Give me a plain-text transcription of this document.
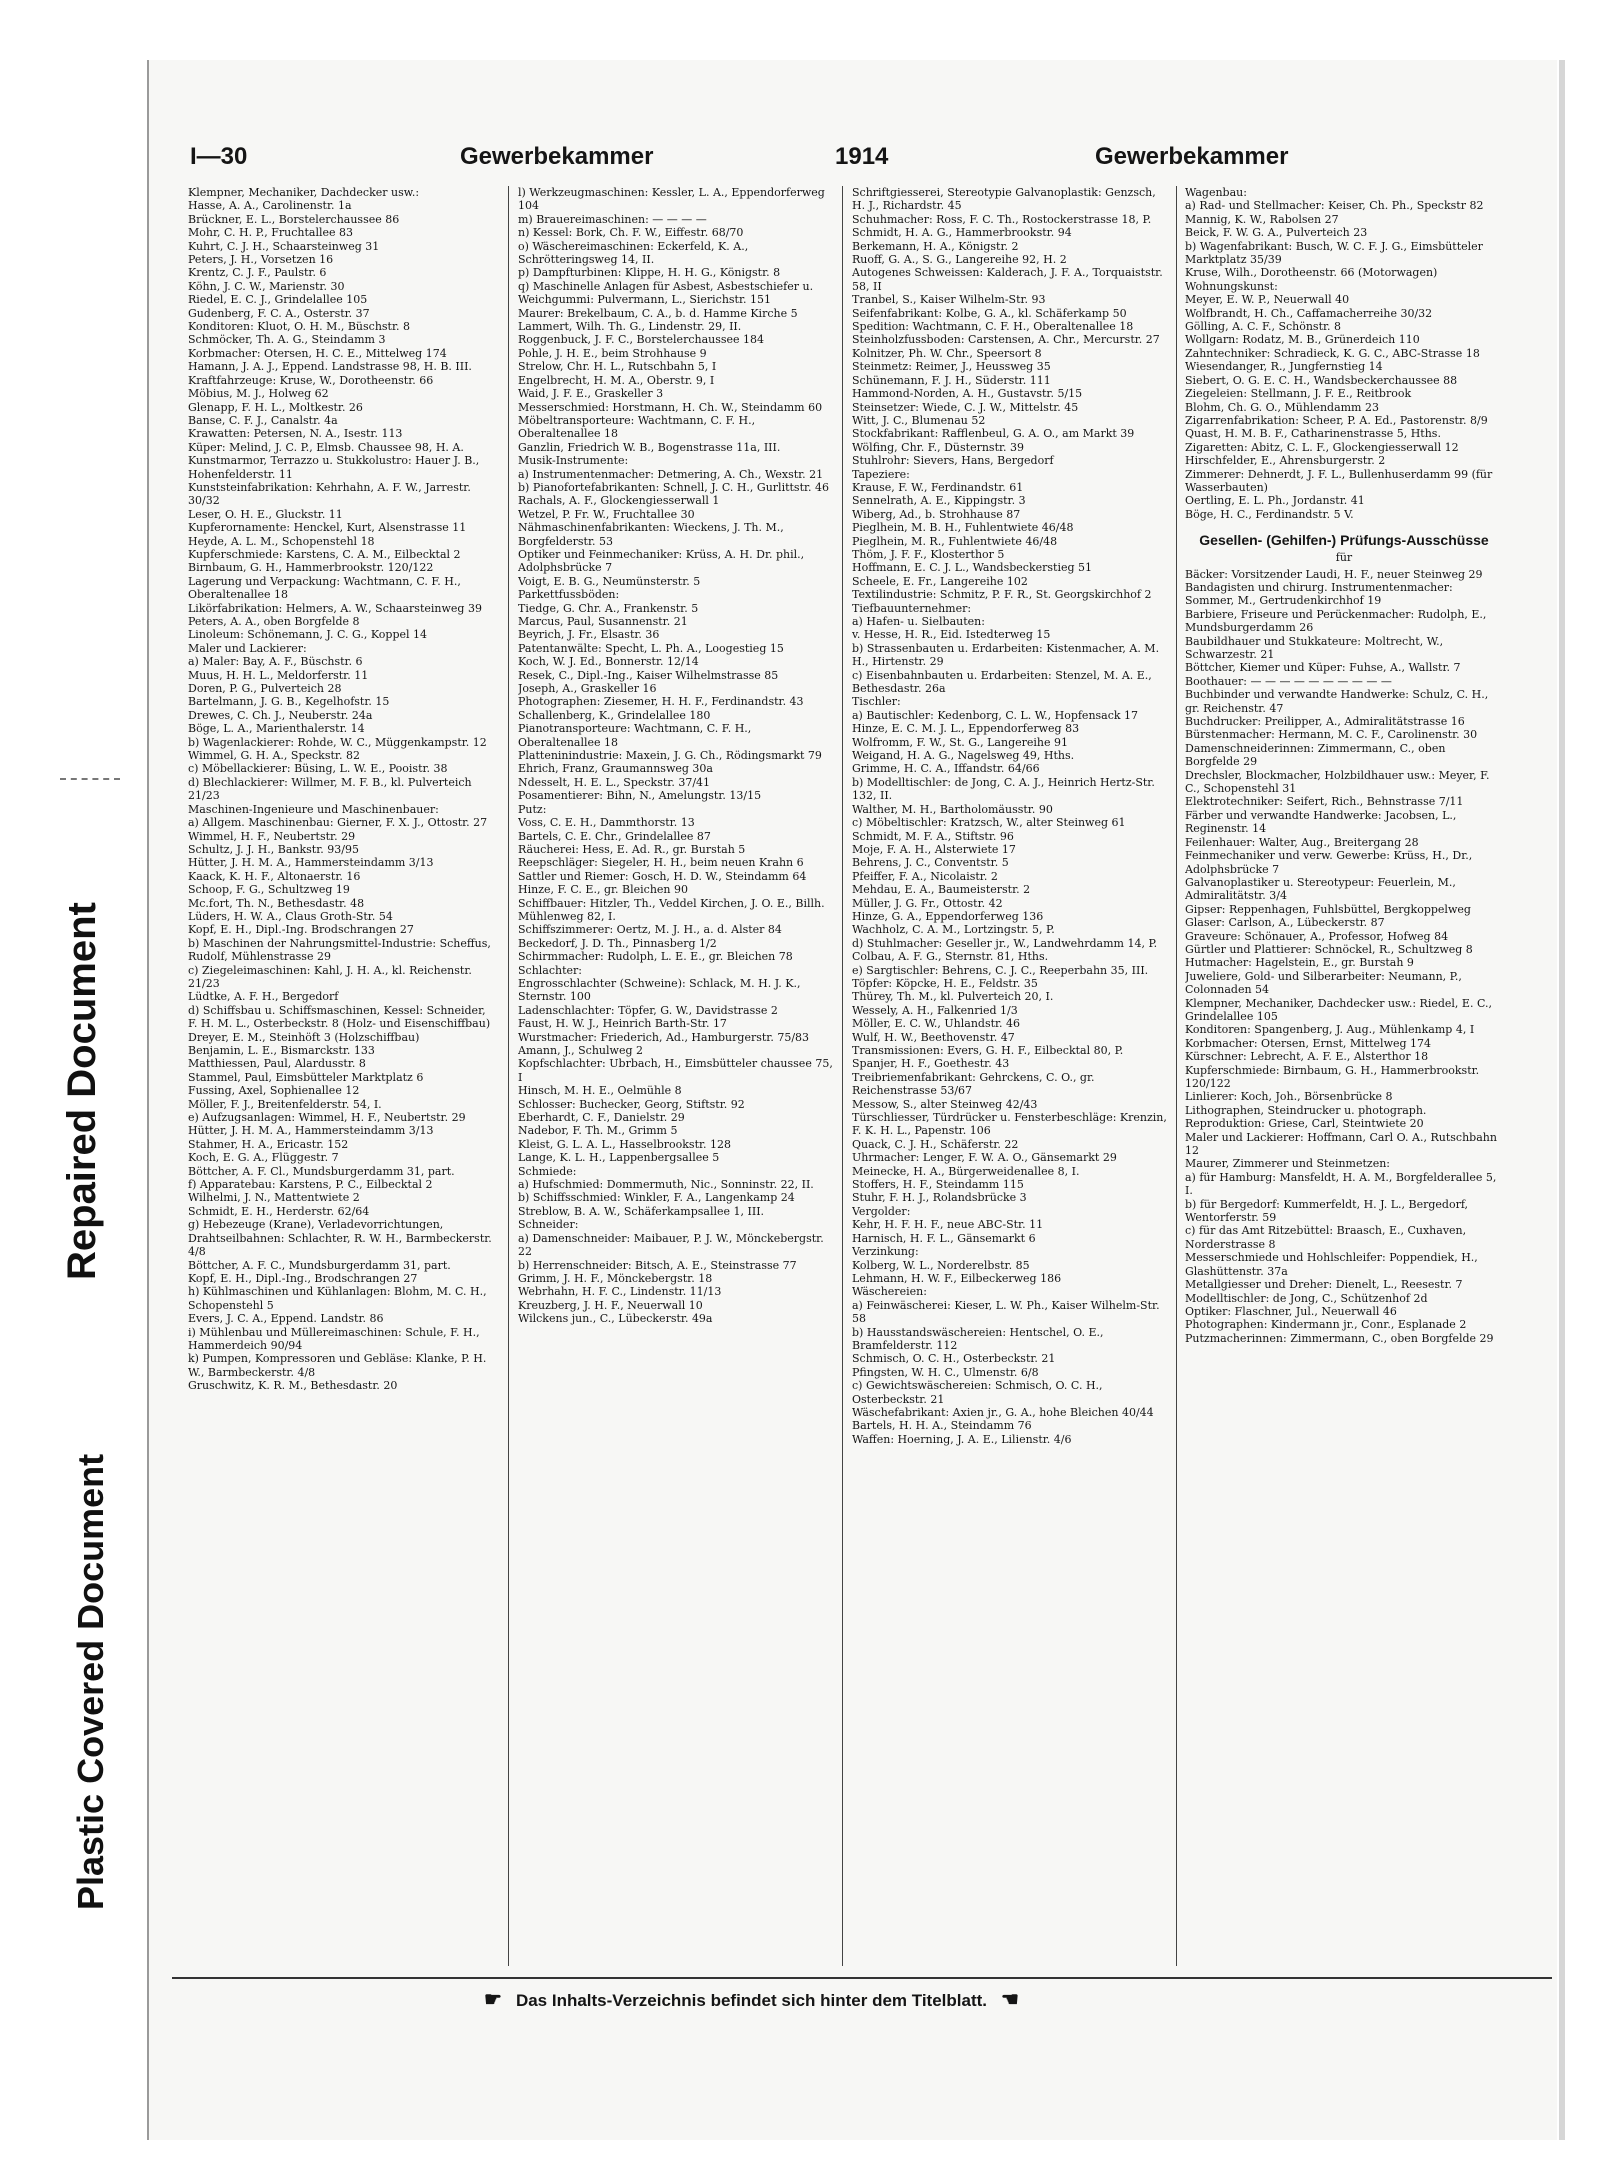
Repaired Document
Plastic Covered Document
I—30	Gewerbekammer	1914	Gewerbekammer
Klempner, Mechaniker, Dachdecker usw.:
Hasse, A. A., Carolinenstr. 1a
Brückner, E. L., Borstelerchaussee 86
Mohr, C. H. P., Fruchtallee 83
Kuhrt, C. J. H., Schaarsteinweg 31
Peters, J. H., Vorsetzen 16
Krentz, C. J. F., Paulstr. 6
Köhn, J. C. W., Marienstr. 30
Riedel, E. C. J., Grindelallee 105
Gudenberg, F. C. A., Osterstr. 37
Konditoren: Kluot, O. H. M., Büschstr. 8
Schmöcker, Th. A. G., Steindamm 3
Korbmacher: Otersen, H. C. E., Mittelweg 174
Hamann, J. A. J., Eppend. Landstrasse 98, H. B. III.
Kraftfahrzeuge: Kruse, W., Dorotheenstr. 66
Möbius, M. J., Holweg 62
Glenapp, F. H. L., Moltkestr. 26
Banse, C. F. J., Canalstr. 4a
Krawatten: Petersen, N. A., Isestr. 113
Küper: Melind, J. C. P., Elmsb. Chaussee 98, H. A.
Kunstmarmor, Terrazzo u. Stukkolustro: Hauer J. B., Hohenfelderstr. 11
Kunststeinfabrikation: Kehrhahn, A. F. W., Jarrestr. 30/32
Leser, O. H. E., Gluckstr. 11
Kupferornamente: Henckel, Kurt, Alsenstrasse 11
Heyde, A. L. M., Schopenstehl 18
Kupferschmiede: Karstens, C. A. M., Eilbecktal 2
Birnbaum, G. H., Hammerbrookstr. 120/122
Lagerung und Verpackung: Wachtmann, C. F. H., Oberaltenallee 18
Likörfabrikation: Helmers, A. W., Schaarsteinweg 39
Peters, A. A., oben Borgfelde 8
Linoleum: Schönemann, J. C. G., Koppel 14
Maler und Lackierer:
a) Maler: Bay, A. F., Büschstr. 6
Muus, H. H. L., Meldorferstr. 11
Doren, P. G., Pulverteich 28
Bartelmann, J. G. B., Kegelhofstr. 15
Drewes, C. Ch. J., Neuberstr. 24a
Böge, L. A., Marienthalerstr. 14
b) Wagenlackierer: Rohde, W. C., Müggenkampstr. 12
Wimmel, G. H. A., Speckstr. 82
c) Möbellackierer: Büsing, L. W. E., Pooistr. 38
d) Blechlackierer: Willmer, M. F. B., kl. Pulverteich 21/23
Maschinen-Ingenieure und Maschinenbauer:
a) Allgem. Maschinenbau: Gierner, F. X. J., Ottostr. 27
Wimmel, H. F., Neubertstr. 29
Schultz, J. J. H., Bankstr. 93/95
Hütter, J. H. M. A., Hammersteindamm 3/13
Kaack, K. H. F., Altonaerstr. 16
Schoop, F. G., Schultzweg 19
Mc.fort, Th. N., Bethesdastr. 48
Lüders, H. W. A., Claus Groth-Str. 54
Kopf, E. H., Dipl.-Ing. Brodschrangen 27
b) Maschinen der Nahrungsmittel-Industrie: Scheffus, Rudolf, Mühlenstrasse 29
c) Ziegeleimaschinen: Kahl, J. H. A., kl. Reichenstr. 21/23
Lüdtke, A. F. H., Bergedorf
d) Schiffsbau u. Schiffsmaschinen, Kessel: Schneider, F. H. M. L., Osterbeckstr. 8 (Holz- und Eisenschiffbau)
Dreyer, E. M., Steinhöft 3 (Holzschiffbau)
Benjamin, L. E., Bismarckstr. 133
Matthiessen, Paul, Alardusstr. 8
Stammel, Paul, Eimsbütteler Marktplatz 6
Fussing, Axel, Sophienallee 12
Möller, F. J., Breitenfelderstr. 54, I.
e) Aufzugsanlagen: Wimmel, H. F., Neubertstr. 29
Hütter, J. H. M. A., Hammersteindamm 3/13
Stahmer, H. A., Ericastr. 152
Koch, E. G. A., Flüggestr. 7
Böttcher, A. F. Cl., Mundsburgerdamm 31, part.
f) Apparatebau: Karstens, P. C., Eilbecktal 2
Wilhelmi, J. N., Mattentwiete 2
Schmidt, E. H., Herderstr. 62/64
g) Hebezeuge (Krane), Verladevorrichtungen, Drahtseilbahnen: Schlachter, R. W. H., Barmbeckerstr. 4/8
Böttcher, A. F. C., Mundsburgerdamm 31, part.
Kopf, E. H., Dipl.-Ing., Brodschrangen 27
h) Kühlmaschinen und Kühlanlagen: Blohm, M. C. H., Schopenstehl 5
Evers, J. C. A., Eppend. Landstr. 86
i) Mühlenbau und Müllereimaschinen: Schule, F. H., Hammerdeich 90/94
k) Pumpen, Kompressoren und Gebläse: Klanke, P. H. W., Barmbeckerstr. 4/8
Gruschwitz, K. R. M., Bethesdastr. 20
l) Werkzeugmaschinen: Kessler, L. A., Eppendorferweg 104
m) Brauereimaschinen: — — — —
n) Kessel: Bork, Ch. F. W., Eiffestr. 68/70
o) Wäschereimaschinen: Eckerfeld, K. A., Schrötteringsweg 14, II.
p) Dampfturbinen: Klippe, H. H. G., Königstr. 8
q) Maschinelle Anlagen für Asbest, Asbestschiefer u. Weichgummi: Pulvermann, L., Sierichstr. 151
Maurer: Brekelbaum, C. A., b. d. Hamme Kirche 5
Lammert, Wilh. Th. G., Lindenstr. 29, II.
Roggenbuck, J. F. C., Borstelerchaussee 184
Pohle, J. H. E., beim Strohhause 9
Strelow, Chr. H. L., Rutschbahn 5, I
Engelbrecht, H. M. A., Oberstr. 9, I
Waid, J. F. E., Graskeller 3
Messerschmied: Horstmann, H. Ch. W., Steindamm 60
Möbeltransporteure: Wachtmann, C. F. H., Oberaltenallee 18
Ganzlin, Friedrich W. B., Bogenstrasse 11a, III.
Musik-Instrumente:
a) Instrumentenmacher: Detmering, A. Ch., Wexstr. 21
b) Pianofortefabrikanten: Schnell, J. C. H., Gurlittstr. 46
Rachals, A. F., Glockengiesserwall 1
Wetzel, P. Fr. W., Fruchtallee 30
Nähmaschinenfabrikanten: Wieckens, J. Th. M., Borgfelderstr. 53
Optiker und Feinmechaniker: Krüss, A. H. Dr. phil., Adolphsbrücke 7
Voigt, E. B. G., Neumünsterstr. 5
Parkettfussböden:
Tiedge, G. Chr. A., Frankenstr. 5
Marcus, Paul, Susannenstr. 21
Beyrich, J. Fr., Elsastr. 36
Patentanwälte: Specht, L. Ph. A., Loogestieg 15
Koch, W. J. Ed., Bonnerstr. 12/14
Resek, C., Dipl.-Ing., Kaiser Wilhelmstrasse 85
Joseph, A., Graskeller 16
Photographen: Ziesemer, H. H. F., Ferdinandstr. 43
Schallenberg, K., Grindelallee 180
Pianotransporteure: Wachtmann, C. F. H., Oberaltenallee 18
Platteninindustrie: Maxein, J. G. Ch., Rödingsmarkt 79
Ehrich, Franz, Graumannsweg 30a
Ndesselt, H. E. L., Speckstr. 37/41
Posamentierer: Bihn, N., Amelungstr. 13/15
Putz:
Voss, C. E. H., Dammthorstr. 13
Bartels, C. E. Chr., Grindelallee 87
Räucherei: Hess, E. Ad. R., gr. Burstah 5
Reepschläger: Siegeler, H. H., beim neuen Krahn 6
Sattler und Riemer: Gosch, H. D. W., Steindamm 64
Hinze, F. C. E., gr. Bleichen 90
Schiffbauer: Hitzler, Th., Veddel Kirchen, J. O. E., Billh. Mühlenweg 82, I.
Schiffszimmerer: Oertz, M. J. H., a. d. Alster 84
Beckedorf, J. D. Th., Pinnasberg 1/2
Schirmmacher: Rudolph, L. E. E., gr. Bleichen 78
Schlachter:
Engrosschlachter (Schweine): Schlack, M. H. J. K., Sternstr. 100
Ladenschlachter: Töpfer, G. W., Davidstrasse 2
Faust, H. W. J., Heinrich Barth-Str. 17
Wurstmacher: Friederich, Ad., Hamburgerstr. 75/83
Amann, J., Schulweg 2
Kopfschlachter: Ubrbach, H., Eimsbütteler chaussee 75, I
Hinsch, M. H. E., Oelmühle 8
Schlosser: Buchecker, Georg, Stiftstr. 92
Eberhardt, C. F., Danielstr. 29
Nadebor, F. Th. M., Grimm 5
Kleist, G. L. A. L., Hasselbrookstr. 128
Lange, K. L. H., Lappenbergsallee 5
Schmiede:
a) Hufschmied: Dommermuth, Nic., Sonninstr. 22, II.
b) Schiffsschmied: Winkler, F. A., Langenkamp 24
Streblow, B. A. W., Schäferkampsallee 1, III.
Schneider:
a) Damenschneider: Maibauer, P. J. W., Mönckebergstr. 22
b) Herrenschneider: Bitsch, A. E., Steinstrasse 77
Grimm, J. H. F., Mönckebergstr. 18
Webrhahn, H. F. C., Lindenstr. 11/13
Kreuzberg, J. H. F., Neuerwall 10
Wilckens jun., C., Lübeckerstr. 49a
Schriftgiesserei, Stereotypie Galvanoplastik: Genzsch, H. J., Richardstr. 45
Schuhmacher: Ross, F. C. Th., Rostockerstrasse 18, P.
Schmidt, H. A. G., Hammerbrookstr. 94
Berkemann, H. A., Königstr. 2
Ruoff, G. A., S. G., Langereihe 92, H. 2
Autogenes Schweissen: Kalderach, J. F. A., Torquaiststr. 58, II
Tranbel, S., Kaiser Wilhelm-Str. 93
Seifenfabrikant: Kolbe, G. A., kl. Schäferkamp 50
Spedition: Wachtmann, C. F. H., Oberaltenallee 18
Steinholzfussboden: Carstensen, A. Chr., Mercurstr. 27
Kolnitzer, Ph. W. Chr., Speersort 8
Steinmetz: Reimer, J., Heussweg 35
Schünemann, F. J. H., Süderstr. 111
Hammond-Norden, A. H., Gustavstr. 5/15
Steinsetzer: Wiede, C. J. W., Mittelstr. 45
Witt, J. C., Blumenau 52
Stockfabrikant: Rafflenbeul, G. A. O., am Markt 39
Wölfing, Chr. F., Düsternstr. 39
Stuhlrohr: Sievers, Hans, Bergedorf
Tapeziere:
Krause, F. W., Ferdinandstr. 61
Sennelrath, A. E., Kippingstr. 3
Wiberg, Ad., b. Strohhause 87
Pieglhein, M. B. H., Fuhlentwiete 46/48
Pieglhein, M. R., Fuhlentwiete 46/48
Thöm, J. F. F., Klosterthor 5
Hoffmann, E. C. J. L., Wandsbeckerstieg 51
Scheele, E. Fr., Langereihe 102
Textilindustrie: Schmitz, P. F. R., St. Georgskirchhof 2
Tiefbauunternehmer:
a) Hafen- u. Sielbauten:
v. Hesse, H. R., Eid. Istedterweg 15
b) Strassenbauten u. Erdarbeiten: Kistenmacher, A. M. H., Hirtenstr. 29
c) Eisenbahnbauten u. Erdarbeiten: Stenzel, M. A. E., Bethesdastr. 26a
Tischler:
a) Bautischler: Kedenborg, C. L. W., Hopfensack 17
Hinze, E. C. M. J. L., Eppendorferweg 83
Wolfromm, F. W., St. G., Langereihe 91
Weigand, H. A. G., Nagelsweg 49, Hths.
Grimme, H. C. A., Iffandstr. 64/66
b) Modelltischler: de Jong, C. A. J., Heinrich Hertz-Str. 132, II.
Walther, M. H., Bartholomäusstr. 90
c) Möbeltischler: Kratzsch, W., alter Steinweg 61
Schmidt, M. F. A., Stiftstr. 96
Moje, F. A. H., Alsterwiete 17
Behrens, J. C., Conventstr. 5
Pfeiffer, F. A., Nicolaistr. 2
Mehdau, E. A., Baumeisterstr. 2
Müller, J. G. Fr., Ottostr. 42
Hinze, G. A., Eppendorferweg 136
Wachholz, C. A. M., Lortzingstr. 5, P.
d) Stuhlmacher: Geseller jr., W., Landwehrdamm 14, P.
Colbau, A. F. G., Sternstr. 81, Hths.
e) Sargtischler: Behrens, C. J. C., Reeperbahn 35, III.
Töpfer: Köpcke, H. E., Feldstr. 35
Thürey, Th. M., kl. Pulverteich 20, I.
Wessely, A. H., Falkenried 1/3
Möller, E. C. W., Uhlandstr. 46
Wulf, H. W., Beethovenstr. 47
Transmissionen: Evers, G. H. F., Eilbecktal 80, P.
Spanjer, H. F., Goethestr. 43
Treibriemenfabrikant: Gehrckens, C. O., gr. Reichenstrasse 53/67
Messow, S., alter Steinweg 42/43
Türschliesser, Türdrücker u. Fensterbeschläge: Krenzin, F. K. H. L., Papenstr. 106
Quack, C. J. H., Schäferstr. 22
Uhrmacher: Lenger, F. W. A. O., Gänsemarkt 29
Meinecke, H. A., Bürgerweidenallee 8, I.
Stoffers, H. F., Steindamm 115
Stuhr, F. H. J., Rolandsbrücke 3
Vergolder:
Kehr, H. F. H. F., neue ABC-Str. 11
Harnisch, H. F. L., Gänsemarkt 6
Verzinkung:
Kolberg, W. L., Norderelbstr. 85
Lehmann, H. W. F., Eilbeckerweg 186
Wäschereien:
a) Feinwäscherei: Kieser, L. W. Ph., Kaiser Wilhelm-Str. 58
b) Hausstandswäschereien: Hentschel, O. E., Bramfelderstr. 112
Schmisch, O. C. H., Osterbeckstr. 21
Pfingsten, W. H. C., Ulmenstr. 6/8
c) Gewichtswäschereien: Schmisch, O. C. H., Osterbeckstr. 21
Wäschefabrikant: Axien jr., G. A., hohe Bleichen 40/44
Bartels, H. H. A., Steindamm 76
Waffen: Hoerning, J. A. E., Lilienstr. 4/6
Wagenbau:
a) Rad- und Stellmacher: Keiser, Ch. Ph., Speckstr 82
Mannig, K. W., Rabolsen 27
Beick, F. W. G. A., Pulverteich 23
b) Wagenfabrikant: Busch, W. C. F. J. G., Eimsbütteler Marktplatz 35/39
Kruse, Wilh., Dorotheenstr. 66 (Motorwagen)
Wohnungskunst:
Meyer, E. W. P., Neuerwall 40
Wolfbrandt, H. Ch., Caffamacherreihe 30/32
Gölling, A. C. F., Schönstr. 8
Wollgarn: Rodatz, M. B., Grünerdeich 110
Zahntechniker: Schradieck, K. G. C., ABC-Strasse 18
Wiesendanger, R., Jungfernstieg 14
Siebert, O. G. E. C. H., Wandsbeckerchaussee 88
Ziegeleien: Stellmann, J. F. E., Reitbrook
Blohm, Ch. G. O., Mühlendamm 23
Zigarrenfabrikation: Scheer, P. A. Ed., Pastorenstr. 8/9
Quast, H. M. B. F., Catharinenstrasse 5, Hths.
Zigaretten: Abitz, C. L. F., Glockengiesserwall 12
Hirschfelder, E., Ahrensburgerstr. 2
Zimmerer: Dehnerdt, J. F. L., Bullenhuserdamm 99 (für Wasserbauten)
Oertling, E. L. Ph., Jordanstr. 41
Böge, H. C., Ferdinandstr. 5 V.
Gesellen- (Gehilfen-) Prüfungs-Ausschüsse
für
Bäcker: Vorsitzender Laudi, H. F., neuer Steinweg 29
Bandagisten und chirurg. Instrumentenmacher: Sommer, M., Gertrudenkirchhof 19
Barbiere, Friseure und Perückenmacher: Rudolph, E., Mundsburgerdamm 26
Baubildhauer und Stukkateure: Moltrecht, W., Schwarzestr. 21
Böttcher, Kiemer und Küper: Fuhse, A., Wallstr. 7
Boothauer: — — — — — — — — — —
Buchbinder und verwandte Handwerke: Schulz, C. H., gr. Reichenstr. 47
Buchdrucker: Preilipper, A., Admiralitätstrasse 16
Bürstenmacher: Hermann, M. C. F., Carolinenstr. 30
Damenschneiderinnen: Zimmermann, C., oben Borgfelde 29
Drechsler, Blockmacher, Holzbildhauer usw.: Meyer, F. C., Schopenstehl 31
Elektrotechniker: Seifert, Rich., Behnstrasse 7/11
Färber und verwandte Handwerke: Jacobsen, L., Reginenstr. 14
Feilenhauer: Walter, Aug., Breitergang 28
Feinmechaniker und verw. Gewerbe: Krüss, H., Dr., Adolphsbrücke 7
Galvanoplastiker u. Stereotypeur: Feuerlein, M., Admiralitätstr. 3/4
Gipser: Reppenhagen, Fuhlsbüttel, Bergkoppelweg
Glaser: Carlson, A., Lübeckerstr. 87
Graveure: Schönauer, A., Professor, Hofweg 84
Gürtler und Plattierer: Schnöckel, R., Schultzweg 8
Hutmacher: Hagelstein, E., gr. Burstah 9
Juweliere, Gold- und Silberarbeiter: Neumann, P., Colonnaden 54
Klempner, Mechaniker, Dachdecker usw.: Riedel, E. C., Grindelallee 105
Konditoren: Spangenberg, J. Aug., Mühlenkamp 4, I
Korbmacher: Otersen, Ernst, Mittelweg 174
Kürschner: Lebrecht, A. F. E., Alsterthor 18
Kupferschmiede: Birnbaum, G. H., Hammerbrookstr. 120/122
Linlierer: Koch, Joh., Börsenbrücke 8
Lithographen, Steindrucker u. photograph. Reproduktion: Griese, Carl, Steintwiete 20
Maler und Lackierer: Hoffmann, Carl O. A., Rutschbahn 12
Maurer, Zimmerer und Steinmetzen:
a) für Hamburg: Mansfeldt, H. A. M., Borgfelderallee 5, I.
b) für Bergedorf: Kummerfeldt, H. J. L., Bergedorf, Wentorferstr. 59
c) für das Amt Ritzebüttel: Braasch, E., Cuxhaven, Norderstrasse 8
Messerschmiede und Hohlschleifer: Poppendiek, H., Glashüttenstr. 37a
Metallgiesser und Dreher: Dienelt, L., Reesestr. 7
Modelltischler: de Jong, C., Schützenhof 2d
Optiker: Flaschner, Jul., Neuerwall 46
Photographen: Kindermann jr., Conr., Esplanade 2
Putzmacherinnen: Zimmermann, C., oben Borgfelde 29
☛ Das Inhalts-Verzeichnis befindet sich hinter dem Titelblatt. ☚
